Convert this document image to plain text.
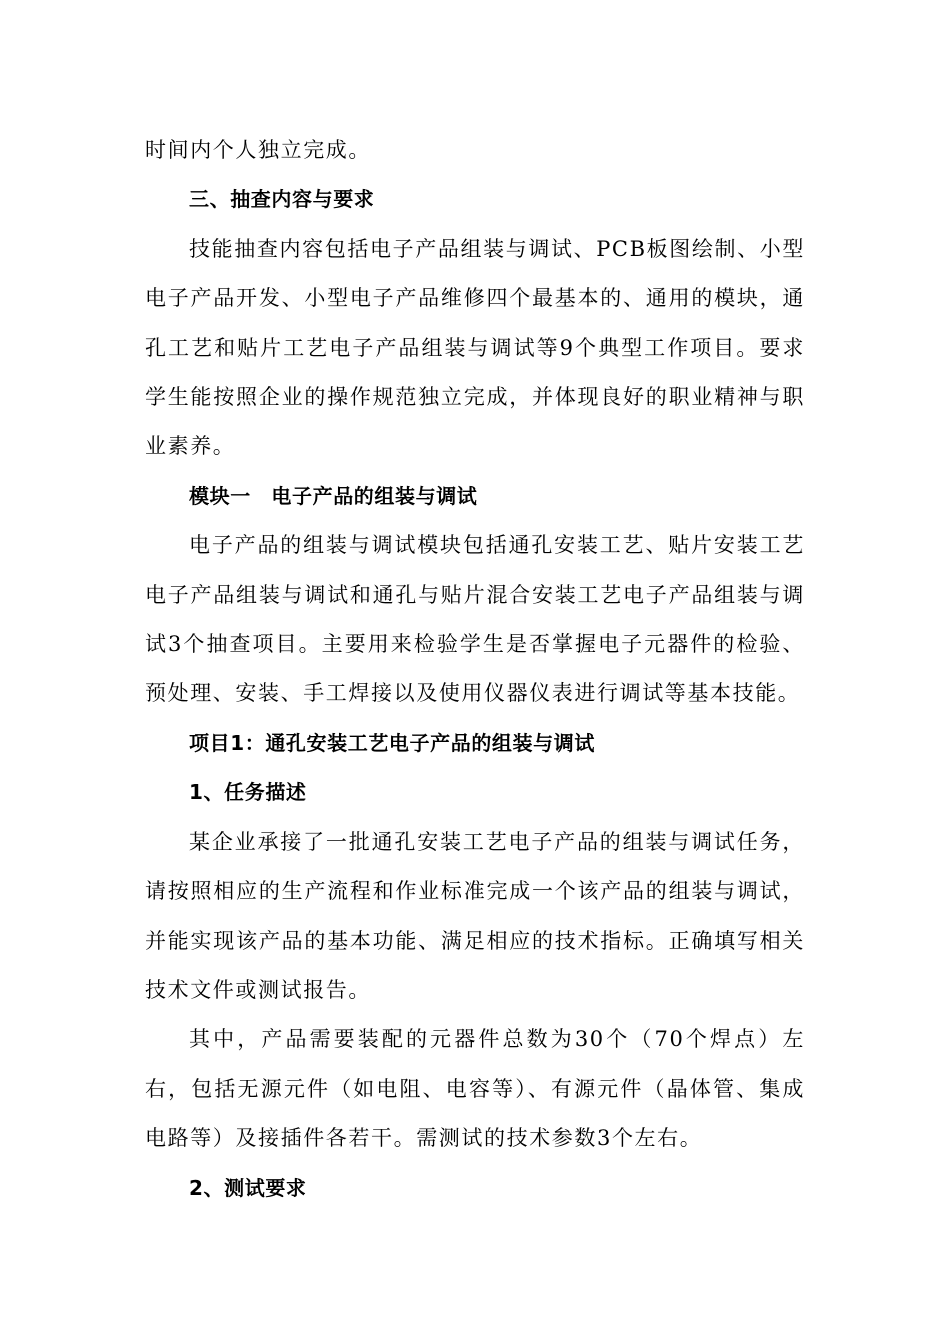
时间内个人独立完成。

三、抽查内容与要求

技能抽查内容包括电子产品组装与调试、PCB板图绘制、小型电子产品开发、小型电子产品维修四个最基本的、通用的模块，通孔工艺和贴片工艺电子产品组装与调试等9个典型工作项目。要求学生能按照企业的操作规范独立完成，并体现良好的职业精神与职业素养。

模块一　电子产品的组装与调试

电子产品的组装与调试模块包括通孔安装工艺、贴片安装工艺电子产品组装与调试和通孔与贴片混合安装工艺电子产品组装与调试3个抽查项目。主要用来检验学生是否掌握电子元器件的检验、预处理、安装、手工焊接以及使用仪器仪表进行调试等基本技能。

项目1：通孔安装工艺电子产品的组装与调试

1、任务描述

某企业承接了一批通孔安装工艺电子产品的组装与调试任务，请按照相应的生产流程和作业标准完成一个该产品的组装与调试，并能实现该产品的基本功能、满足相应的技术指标。正确填写相关技术文件或测试报告。

其中，产品需要装配的元器件总数为30个（70个焊点）左右，包括无源元件（如电阻、电容等）、有源元件（晶体管、集成电路等）及接插件各若干。需测试的技术参数3个左右。

2、测试要求
